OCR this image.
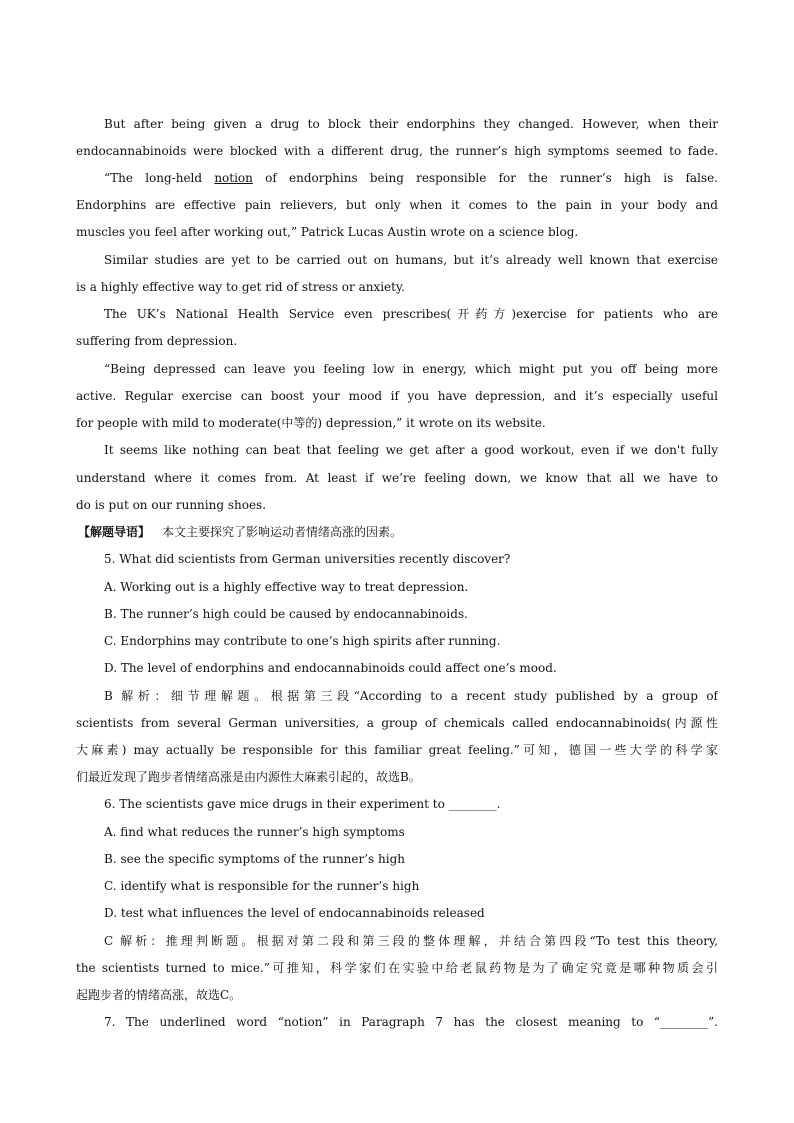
But after being given a drug to block their endorphins they changed. However, when their
endocannabinoids were blocked with a different drug, the runner’s high symptoms seemed to fade.
“The long-held notion of endorphins being responsible for the runner’s high is false.
Endorphins are effective pain relievers, but only when it comes to the pain in your body and
muscles you feel after working out,” Patrick Lucas Austin wrote on a science blog.
Similar studies are yet to be carried out on humans, but it’s already well known that exercise
is a highly effective way to get rid of stress or anxiety.
The UK’s National Health Service even prescribes(开药方)exercise for patients who are
suffering from depression.
“Being depressed can leave you feeling low in energy, which might put you off being more
active. Regular exercise can boost your mood if you have depression, and it’s especially useful
for people with mild to moderate(中等的) depression,” it wrote on its website.
It seems like nothing can beat that feeling we get after a good workout, even if we don't fully
understand where it comes from. At least if we’re feeling down, we know that all we have to
do is put on our running shoes.
【解题导语】 本文主要探究了影响运动者情绪高涨的因素。
5. What did scientists from German universities recently discover?
A. Working out is a highly effective way to treat depression.
B. The runner’s high could be caused by endocannabinoids.
C. Endorphins may contribute to one’s high spirits after running.
D. The level of endorphins and endocannabinoids could affect one’s mood.
B 解析：细节理解题。根据第三段“According to a recent study published by a group of
scientists from several German universities, a group of chemicals called endocannabinoids(内源性
大麻素) may actually be responsible for this familiar great feeling.”可知，德国一些大学的科学家
们最近发现了跑步者情绪高涨是由内源性大麻素引起的，故选B。
6. The scientists gave mice drugs in their experiment to ________.
A. find what reduces the runner’s high symptoms
B. see the specific symptoms of the runner’s high
C. identify what is responsible for the runner’s high
D. test what influences the level of endocannabinoids released
C 解析：推理判断题。根据对第二段和第三段的整体理解，并结合第四段“To test this theory,
the scientists turned to mice.”可推知，科学家们在实验中给老鼠药物是为了确定究竟是哪种物质会引
起跑步者的情绪高涨，故选C。
7. The underlined word “notion” in Paragraph 7 has the closest meaning to “________”.
